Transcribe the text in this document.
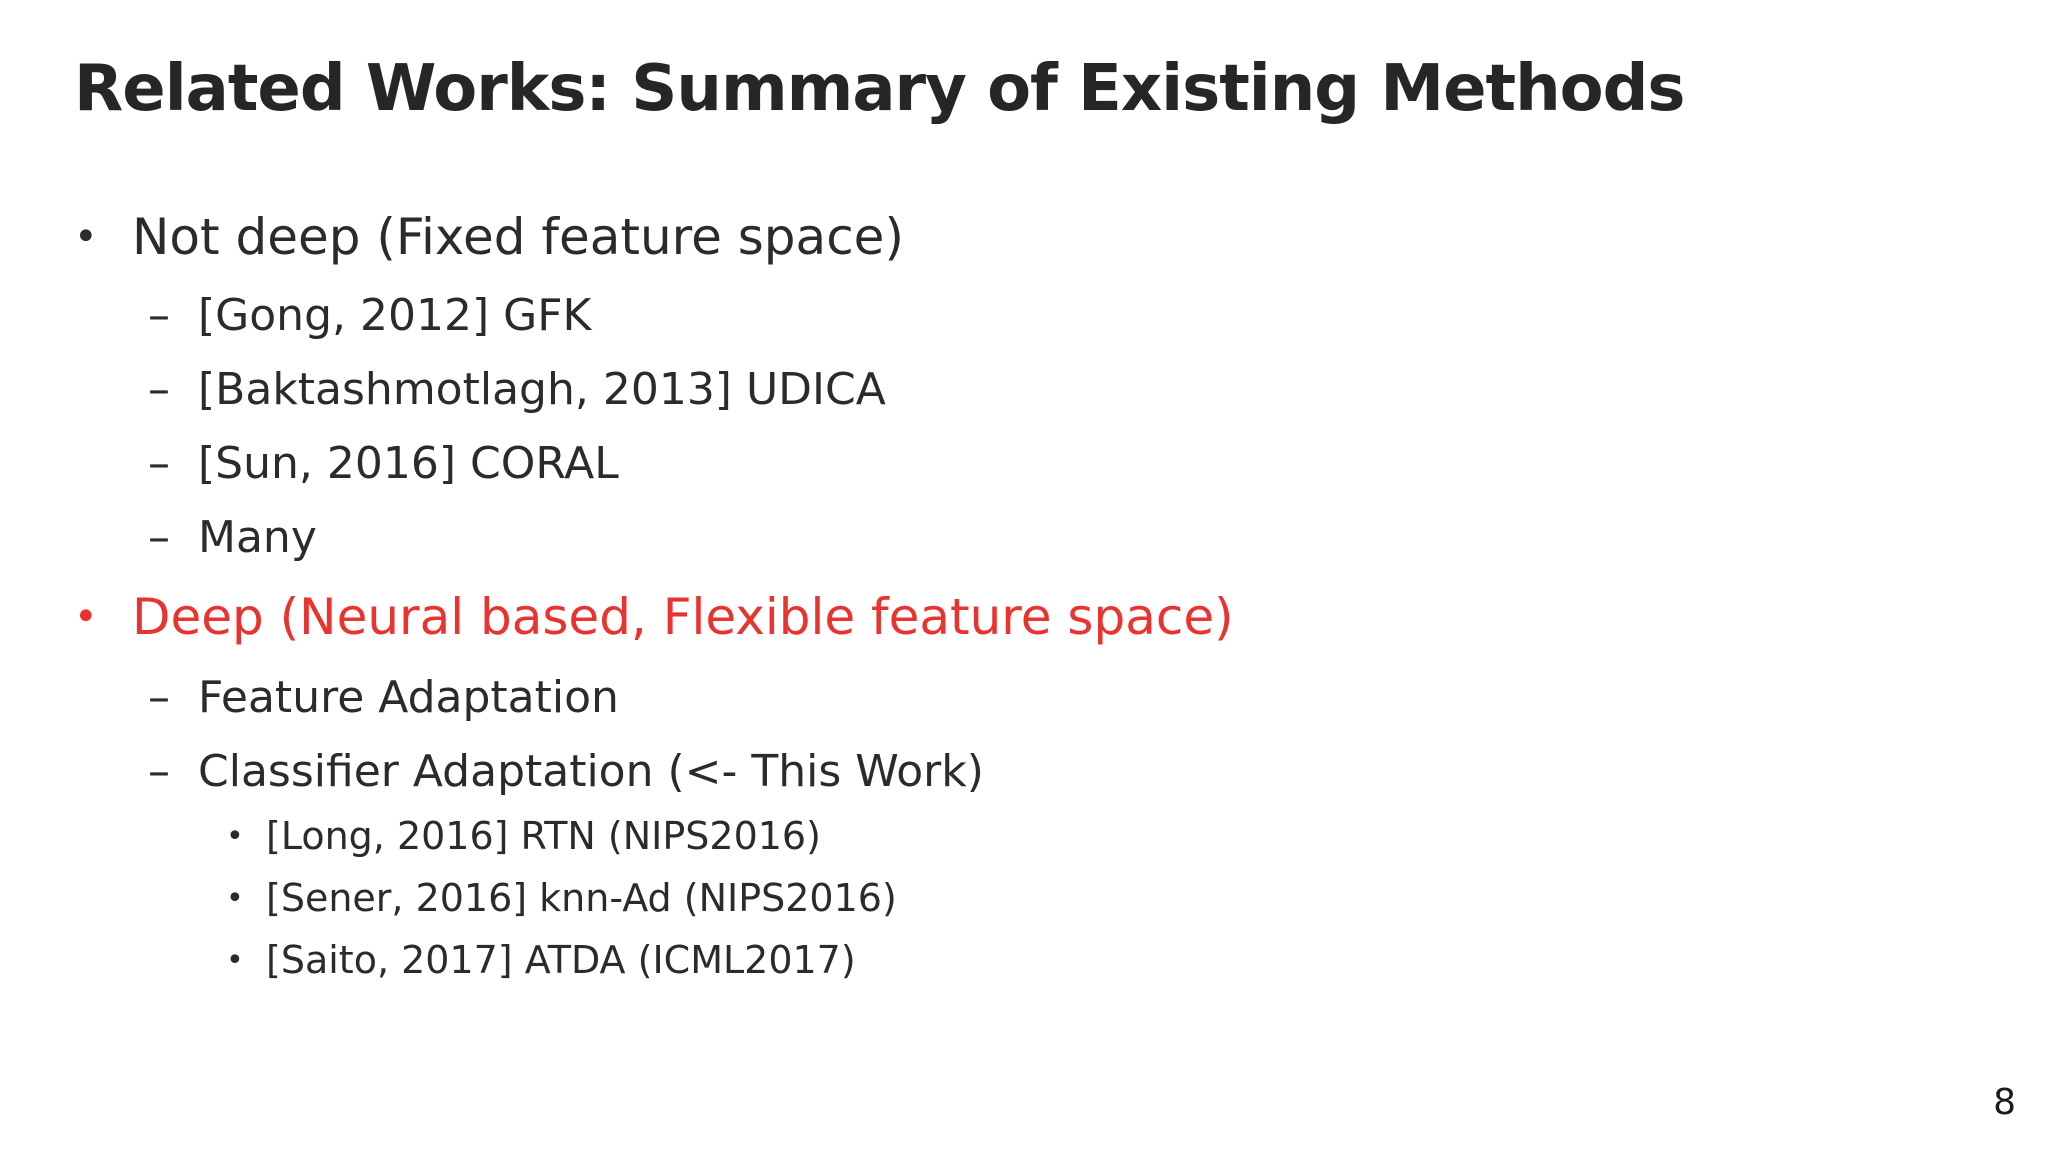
Related Works: Summary of Existing Methods
• Not deep (Fixed feature space)
– [Gong, 2012] GFK
– [Baktashmotlagh, 2013] UDICA
– [Sun, 2016] CORAL
– Many
• Deep (Neural based, Flexible feature space)
– Feature Adaptation
– Classifier Adaptation (<- This Work)
• [Long, 2016] RTN (NIPS2016)
• [Sener, 2016] knn-Ad (NIPS2016)
• [Saito, 2017] ATDA (ICML2017)
8
